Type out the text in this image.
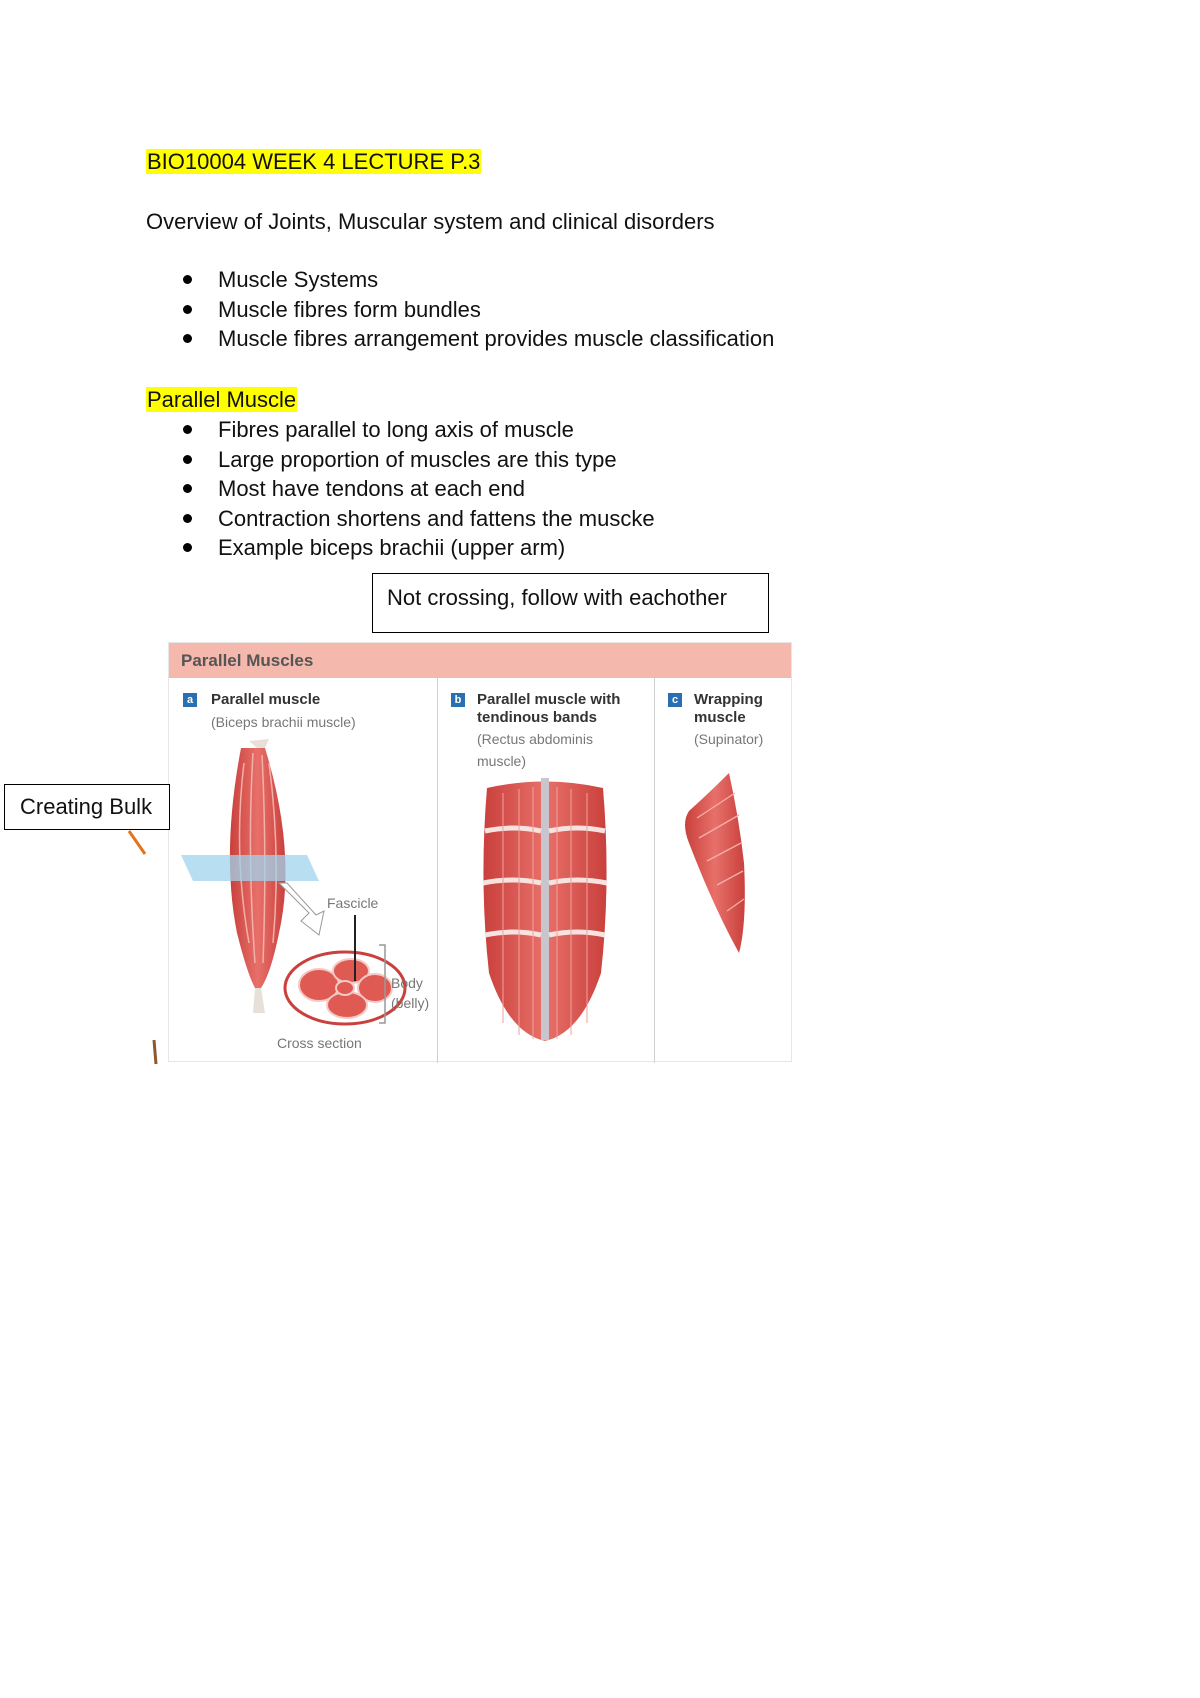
BIO10004 WEEK 4 LECTURE P.3
Overview of Joints, Muscular system and clinical disorders
Muscle Systems
Muscle fibres form bundles
Muscle fibres arrangement provides muscle classification
Parallel Muscle
Fibres parallel to long axis of muscle
Large proportion of muscles are this type
Most have tendons at each end
Contraction shortens and fattens the muscke
Example biceps brachii (upper arm)
Not crossing, follow with eachother
Parallel Muscles
a Parallel muscle
(Biceps brachii muscle)
b Parallel muscle with
tendinous bands
(Rectus abdominis
muscle)
c Wrapping
muscle
(Supinator)
Fascicle
Body
(belly)
Cross section
Creating Bulk
